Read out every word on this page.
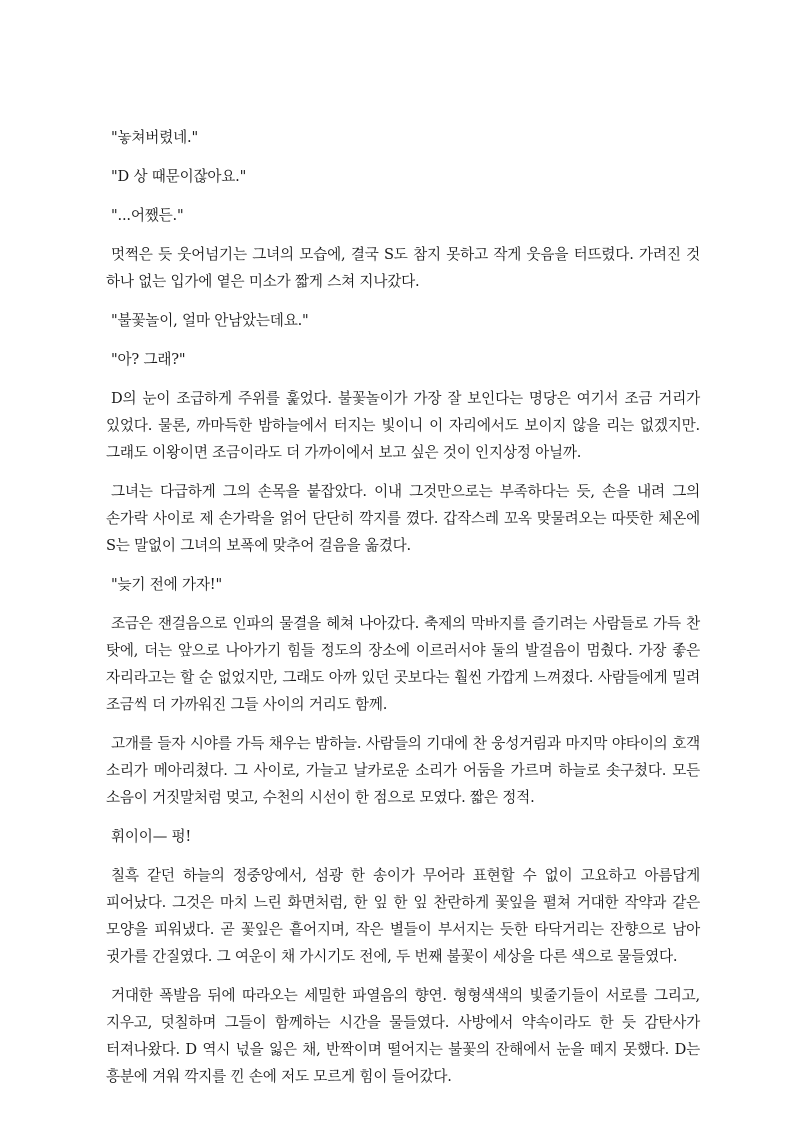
"놓쳐버렸네."

"D 상 때문이잖아요."

"...어쨌든."

멋쩍은 듯 웃어넘기는 그녀의 모습에, 결국 S도 참지 못하고 작게 웃음을 터뜨렸다. 가려진 것 하나 없는 입가에 옅은 미소가 짧게 스쳐 지나갔다.

"불꽃놀이, 얼마 안남았는데요."

"아? 그래?"

D의 눈이 조급하게 주위를 훑었다. 불꽃놀이가 가장 잘 보인다는 명당은 여기서 조금 거리가 있었다. 물론, 까마득한 밤하늘에서 터지는 빛이니 이 자리에서도 보이지 않을 리는 없겠지만. 그래도 이왕이면 조금이라도 더 가까이에서 보고 싶은 것이 인지상정 아닐까.

그녀는 다급하게 그의 손목을 붙잡았다. 이내 그것만으로는 부족하다는 듯, 손을 내려 그의 손가락 사이로 제 손가락을 얽어 단단히 깍지를 꼈다. 갑작스레 꼬옥 맞물려오는 따뜻한 체온에 S는 말없이 그녀의 보폭에 맞추어 걸음을 옮겼다.

"늦기 전에 가자!"

조금은 잰걸음으로 인파의 물결을 헤쳐 나아갔다. 축제의 막바지를 즐기려는 사람들로 가득 찬 탓에, 더는 앞으로 나아가기 힘들 정도의 장소에 이르러서야 둘의 발걸음이 멈췄다. 가장 좋은 자리라고는 할 순 없었지만, 그래도 아까 있던 곳보다는 훨씬 가깝게 느껴졌다. 사람들에게 밀려 조금씩 더 가까워진 그들 사이의 거리도 함께.

고개를 들자 시야를 가득 채우는 밤하늘. 사람들의 기대에 찬 웅성거림과 마지막 야타이의 호객 소리가 메아리쳤다. 그 사이로, 가늘고 날카로운 소리가 어둠을 가르며 하늘로 솟구쳤다. 모든 소음이 거짓말처럼 멎고, 수천의 시선이 한 점으로 모였다. 짧은 정적.

휘이이— 펑!

칠흑 같던 하늘의 정중앙에서, 섬광 한 송이가 무어라 표현할 수 없이 고요하고 아름답게 피어났다. 그것은 마치 느린 화면처럼, 한 잎 한 잎 찬란하게 꽃잎을 펼쳐 거대한 작약과 같은 모양을 피워냈다. 곧 꽃잎은 흩어지며, 작은 별들이 부서지는 듯한 타닥거리는 잔향으로 남아 귓가를 간질였다. 그 여운이 채 가시기도 전에, 두 번째 불꽃이 세상을 다른 색으로 물들였다.

거대한 폭발음 뒤에 따라오는 세밀한 파열음의 향연. 형형색색의 빛줄기들이 서로를 그리고, 지우고, 덧칠하며 그들이 함께하는 시간을 물들였다. 사방에서 약속이라도 한 듯 감탄사가 터져나왔다. D 역시 넋을 잃은 채, 반짝이며 떨어지는 불꽃의 잔해에서 눈을 떼지 못했다. D는 흥분에 겨워 깍지를 낀 손에 저도 모르게 힘이 들어갔다.
